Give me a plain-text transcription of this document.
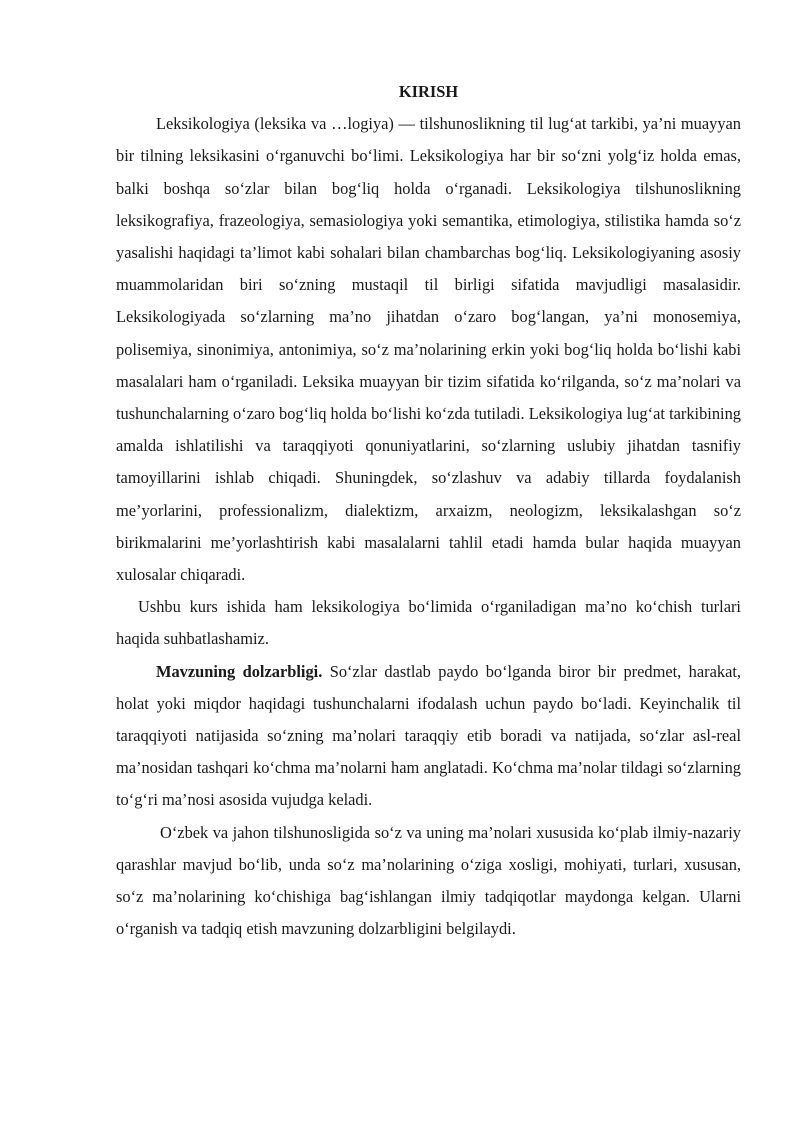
KIRISH

Leksikologiya (leksika va …logiya) — tilshunoslikning til lug‘at tarkibi, ya’ni muayyan bir tilning leksikasini o‘rganuvchi bo‘limi. Leksikologiya har bir so‘zni yolg‘iz holda emas, balki boshqa so‘zlar bilan bog‘liq holda o‘rganadi. Leksikologiya tilshunoslikning leksikografiya, frazeologiya, semasiologiya yoki semantika, etimologiya, stilistika hamda so‘z yasalishi haqidagi ta’limot kabi sohalari bilan chambarchas bog‘liq. Leksikologiyaning asosiy muammolaridan biri so‘zning mustaqil til birligi sifatida mavjudligi masalasidir. Leksikologiyada so‘zlarning ma’no jihatdan o‘zaro bog‘langan, ya’ni monosemiya, polisemiya, sinonimiya, antonimiya, so‘z ma’nolarining erkin yoki bog‘liq holda bo‘lishi kabi masalalari ham o‘rganiladi. Leksika muayyan bir tizim sifatida ko‘rilganda, so‘z ma’nolari va tushunchalarning o‘zaro bog‘liq holda bo‘lishi ko‘zda tutiladi. Leksikologiya lug‘at tarkibining amalda ishlatilishi va taraqqiyoti qonuniyatlarini, so‘zlarning uslubiy jihatdan tasnifiy tamoyillarini ishlab chiqadi. Shuningdek, so‘zlashuv va adabiy tillarda foydalanish me’yorlarini, professionalizm, dialektizm, arxaizm, neologizm, leksikalashgan so‘z birikmalarini me’yorlashtirish kabi masalalarni tahlil etadi hamda bular haqida muayyan xulosalar chiqaradi.

Ushbu kurs ishida ham leksikologiya bo‘limida o‘rganiladigan ma’no ko‘chish turlari haqida suhbatlashamiz.

Mavzuning dolzarbligi. So‘zlar dastlab paydo bo‘lganda biror bir predmet, harakat, holat yoki miqdor haqidagi tushunchalarni ifodalash uchun paydo bo‘ladi. Keyinchalik til taraqqiyoti natijasida so‘zning ma’nolari taraqqiy etib boradi va natijada, so‘zlar asl-real ma’nosidan tashqari ko‘chma ma’nolarni ham anglatadi. Ko‘chma ma’nolar tildagi so‘zlarning to‘g‘ri ma’nosi asosida vujudga keladi.

O‘zbek va jahon tilshunosligida so‘z va uning ma’nolari xususida ko‘plab ilmiy-nazariy qarashlar mavjud bo‘lib, unda so‘z ma’nolarining o‘ziga xosligi, mohiyati, turlari, xususan, so‘z ma’nolarining ko‘chishiga bag‘ishlangan ilmiy tadqiqotlar maydonga kelgan. Ularni o‘rganish va tadqiq etish mavzuning dolzarbligini belgilaydi.
